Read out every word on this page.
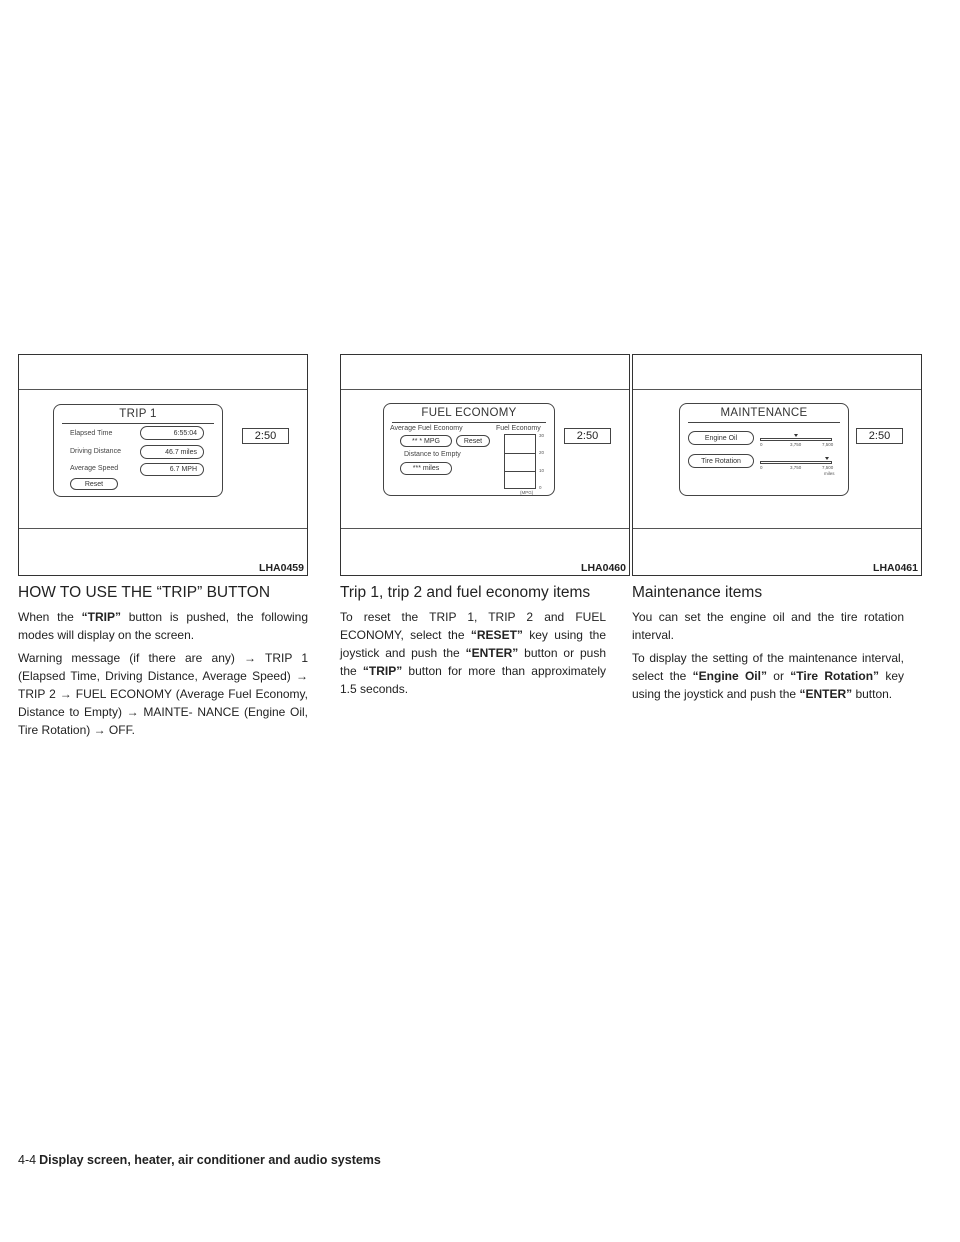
2:50
TRIP 1
Elapsed Time	6:55:04
Driving Distance	46.7 miles
Average Speed	6.7 MPH
Reset
LHA0459
2:50
FUEL ECONOMY
Average Fuel Economy	Fuel Economy
** * MPG	Reset
Distance to Empty
*** miles
30
20
10
0
(MPG)
LHA0460
2:50
MAINTENANCE
Engine Oil
0	3,750	7,500
Tire Rotation
0	3,750	7,500
miles
LHA0461
HOW TO USE THE “TRIP” BUTTON

When the “TRIP” button is pushed, the following modes will display on the screen.

Warning message (if there are any) → TRIP 1 (Elapsed Time, Driving Distance, Average Speed) → TRIP 2 → FUEL ECONOMY (Average Fuel Economy, Distance to Empty) → MAINTE- NANCE (Engine Oil, Tire Rotation) → OFF.

Trip 1, trip 2 and fuel economy items

To reset the TRIP 1, TRIP 2 and FUEL ECONOMY, select the “RESET” key using the joystick and push the “ENTER” button or push the “TRIP” button for more than approximately 1.5 seconds.

Maintenance items

You can set the engine oil and the tire rotation interval.

To display the setting of the maintenance interval, select the “Engine Oil” or “Tire Rotation” key using the joystick and push the “ENTER” button.

4-4 Display screen, heater, air conditioner and audio systems
